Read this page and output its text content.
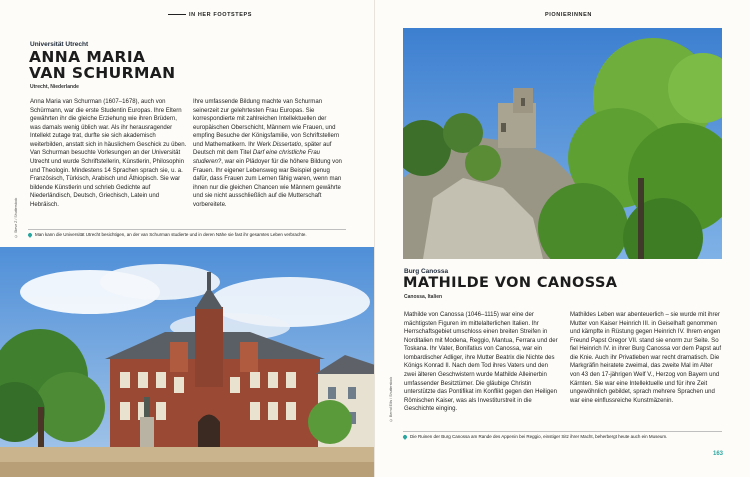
IN HER FOOTSTEPS
Universität Utrecht
ANNA MARIA
VAN SCHURMAN
Utrecht, Niederlande

Anna Maria van Schurman (1607–1678), auch von Schürmann, war die erste Studentin Europas. Ihre Eltern gewährten ihr die gleiche Erziehung wie ihren Brüdern, was damals wenig üblich war. Als ihr herausragender Intellekt zutage trat, durfte sie sich akademisch weiterbilden, anstatt sich in häuslichem Geschick zu üben. Van Schurman besuchte Vorlesungen an der Universität Utrecht und wurde Schriftstellerin, Künstlerin, Philosophin und Theologin. Mindestens 14 Sprachen sprach sie, u. a. Französisch, Türkisch, Arabisch und Äthiopisch. Sie war bildende Künstlerin und schrieb Gedichte auf Niederländisch, Deutsch, Griechisch, Latein und Hebräisch.

Ihre umfassende Bildung machte van Schurman seinerzeit zur gelehrtesten Frau Europas. Sie korrespondierte mit zahlreichen Intellektuellen der europäischen Oberschicht, Männern wie Frauen, und empfing Besuche der Königsfamilie, von Schriftstellern und Mathematikern. Ihr Werk Dissertatio, später auf Deutsch mit dem Titel Darf eine christliche Frau studieren?, war ein Plädoyer für die höhere Bildung von Frauen. Ihr eigener Lebensweg war Beispiel genug dafür, dass Frauen zum Lernen fähig waren, wenn man ihnen nur die gleichen Chancen wie Männern gewährte und sie nicht ausschließlich auf die Mutterschaft vorbereitete.

© Steve Z / Shutterstock	Man kann die Universität Utrecht besichtigen, an der van Schurman studierte und in deren Nähe sie fast ihr gesamtes Leben verbrachte.
PIONIERINNEN
Burg Canossa
MATHILDE VON CANOSSA
Canossa, Italien

Mathilde von Canossa (1046–1115) war eine der mächtigsten Figuren im mittelalterlichen Italien. Ihr Herrschaftsgebiet umschloss einen breiten Streifen in Norditalien mit Modena, Reggio, Mantua, Ferrara und der Toskana. Ihr Vater, Bonifatius von Canossa, war ein lombardischer Adliger, ihre Mutter Beatrix die Nichte des Königs Konrad II. Nach dem Tod ihres Vaters und den zwei älteren Geschwistern wurde Mathilde Alleinerbin umfassender Besitztümer. Die gläubige Christin unterstützte das Pontifikat im Konflikt gegen den Heiligen Römischen Kaiser, was als Investiturstreit in die Geschichte einging.

Mathildes Leben war abenteuerlich – sie wurde mit ihrer Mutter von Kaiser Heinrich III. in Geiselhaft genommen und kämpfte in Rüstung gegen Heinrich IV. Ihrem engen Freund Papst Gregor VII. stand sie enorm zur Seite. So fiel Heinrich IV. in ihrer Burg Canossa vor dem Papst auf die Knie. Auch ihr Privatleben war recht dramatisch. Die Markgräfin heiratete zweimal, das zweite Mal im Alter von 43 den 17-jährigen Welf V., Herzog von Bayern und Kärnten. Sie war eine Intellektuelle und für ihre Zeit ungewöhnlich gebildet, sprach mehrere Sprachen und war eine einflussreiche Kunstmäzenin.

© Bernd Ellis / Shutterstock
Die Ruinen der Burg Canossa am Rande des Appenin bei Reggio, einstiger Sitz ihrer Macht, beherbergt heute auch ein Museum.
163
